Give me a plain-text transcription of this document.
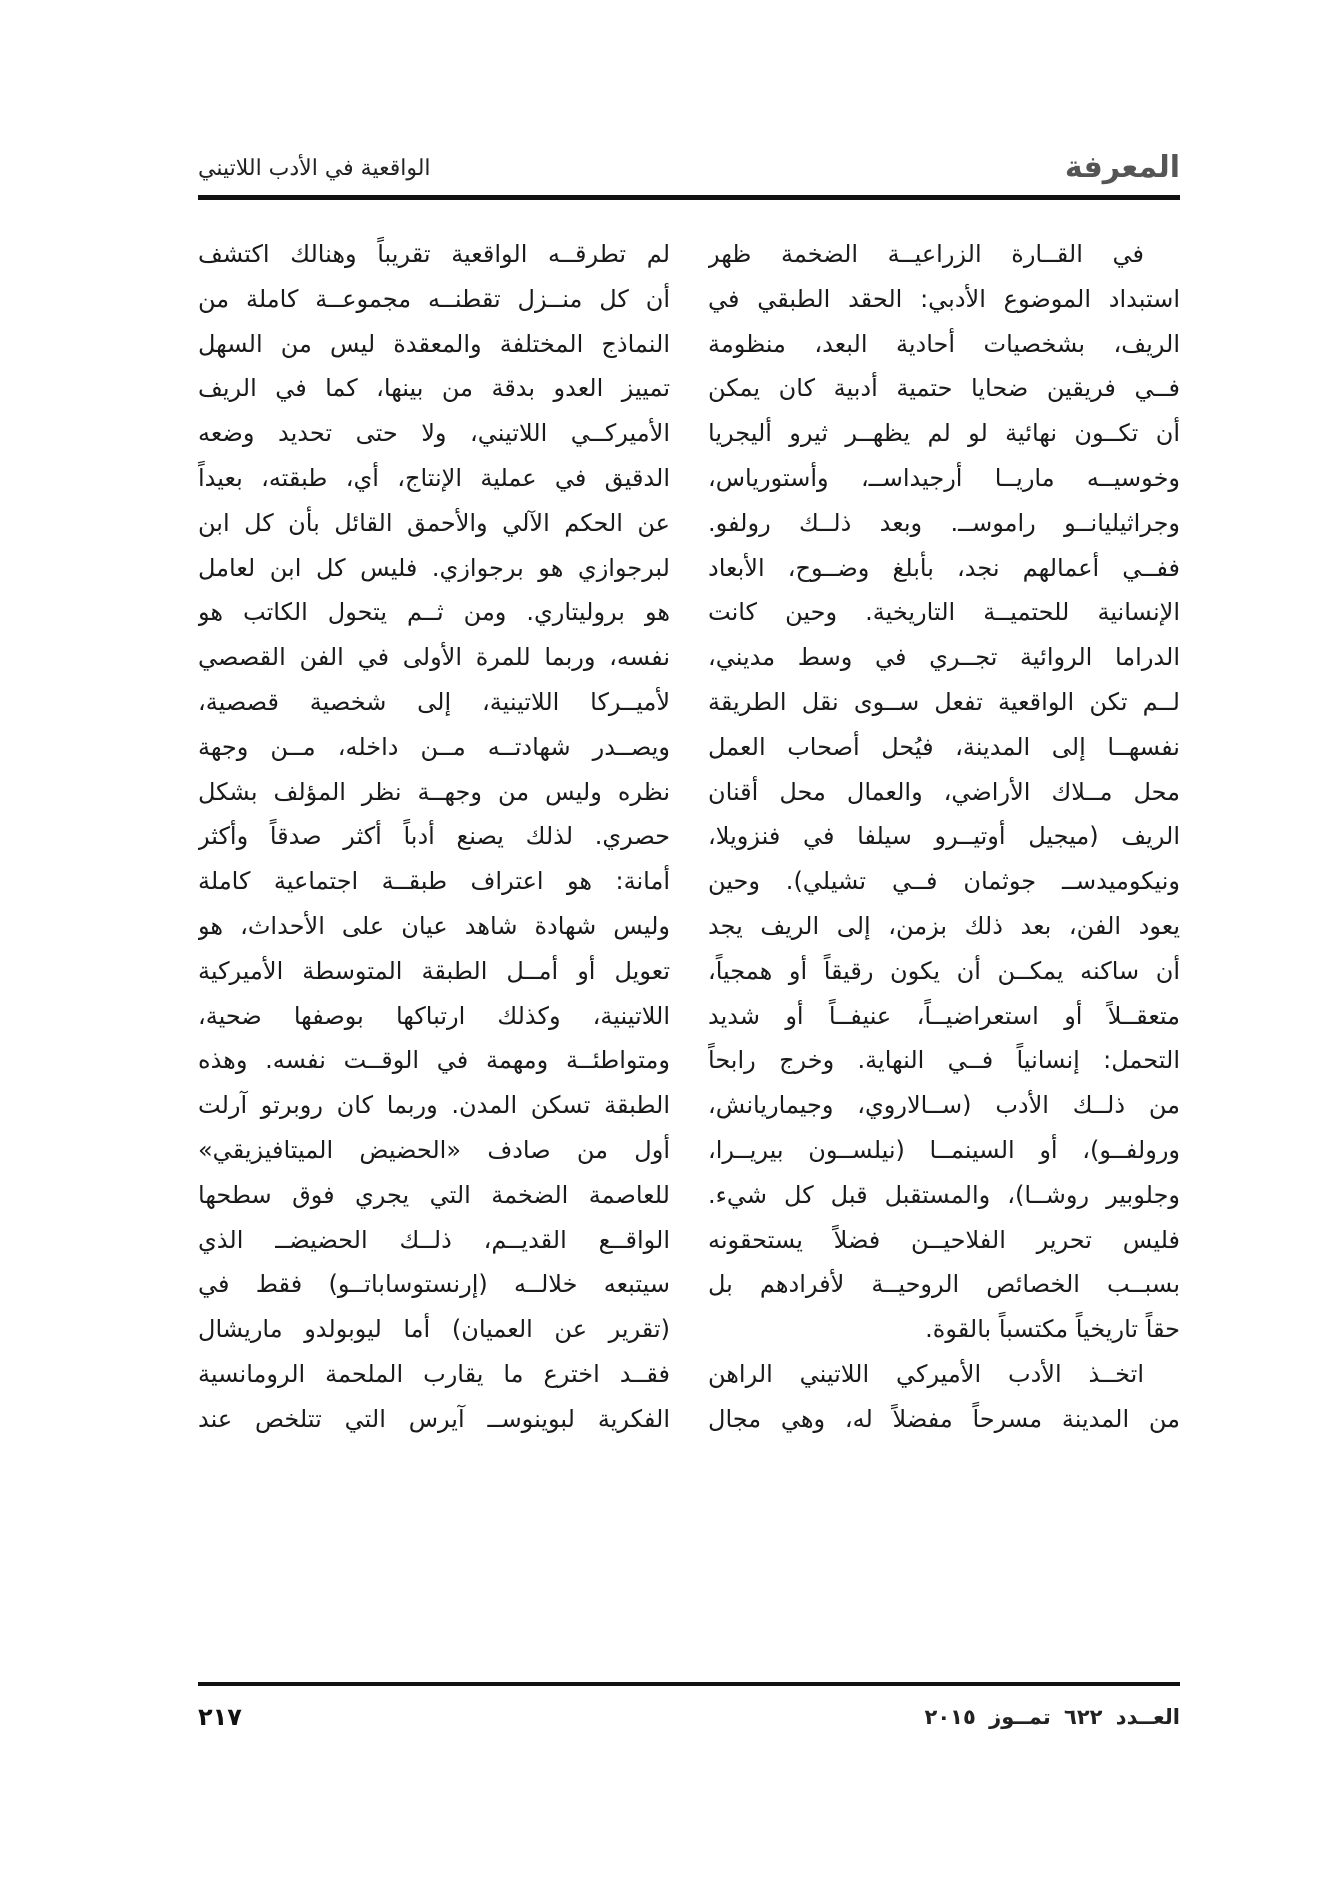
المعرفة
الواقعية في الأدب اللاتيني
في القــارة الزراعيــة الضخمة ظهر
استبداد الموضوع الأدبي: الحقد الطبقي في
الريف، بشخصيات أحادية البعد، منظومة
فــي فريقين ضحايا حتمية أدبية كان يمكن
أن تكــون نهائية لو لم يظهــر ثيرو أليجريا
وخوسيــه ماريــا أرجيداســ، وأستورياس،
وجراثيليانــو راموســ. وبعد ذلــك رولفو.
ففــي أعمالهم نجد، بأبلغ وضــوح، الأبعاد
الإنسانية للحتميــة التاريخية. وحين كانت
الدراما الروائية تجــري في وسط مديني،
لــم تكن الواقعية تفعل ســوى نقل الطريقة
نفسهــا إلى المدينة، فيُحل أصحاب العمل
محل مــلاك الأراضي، والعمال محل أقنان
الريف (ميجيل أوتيــرو سيلفا في فنزويلا،
ونيكوميدســ جوثمان فــي تشيلي). وحين
يعود الفن، بعد ذلك بزمن، إلى الريف يجد
أن ساكنه يمكــن أن يكون رقيقاً أو همجياً،
متعقــلاً أو استعراضيــاً، عنيفــاً أو شديد
التحمل: إنسانياً فــي النهاية. وخرج رابحاً
من ذلــك الأدب (ســالاروي، وجيماريانش،
ورولفــو)، أو السينمــا (نيلســون بيريــرا،
وجلوبير روشــا)، والمستقبل قبل كل شيء.
فليس تحرير الفلاحيــن فضلاً يستحقونه
بسبــب الخصائص الروحيــة لأفرادهم بل
حقاً تاريخياً مكتسباً بالقوة.
اتخــذ الأدب الأميركي اللاتيني الراهن
من المدينة مسرحاً مفضلاً له، وهي مجال
لم تطرقــه الواقعية تقريباً وهنالك اكتشف
أن كل منــزل تقطنــه مجموعــة كاملة من
النماذج المختلفة والمعقدة ليس من السهل
تمييز العدو بدقة من بينها، كما في الريف
الأميركــي اللاتيني، ولا حتى تحديد وضعه
الدقيق في عملية الإنتاج، أي، طبقته، بعيداً
عن الحكم الآلي والأحمق القائل بأن كل ابن
لبرجوازي هو برجوازي. فليس كل ابن لعامل
هو بروليتاري. ومن ثــم يتحول الكاتب هو
نفسه، وربما للمرة الأولى في الفن القصصي
لأميــركا اللاتينية، إلى شخصية قصصية،
ويصــدر شهادتــه مــن داخله، مــن وجهة
نظره وليس من وجهــة نظر المؤلف بشكل
حصري. لذلك يصنع أدباً أكثر صدقاً وأكثر
أمانة: هو اعتراف طبقــة اجتماعية كاملة
وليس شهادة شاهد عيان على الأحداث، هو
تعويل أو أمــل الطبقة المتوسطة الأميركية
اللاتينية، وكذلك ارتباكها بوصفها ضحية،
ومتواطئــة ومهمة في الوقــت نفسه. وهذه
الطبقة تسكن المدن. وربما كان روبرتو آرلت
أول من صادف «الحضيض الميتافيزيقي»
للعاصمة الضخمة التي يجري فوق سطحها
الواقــع القديــم، ذلــك الحضيضــ الذي
سيتبعه خلالــه (إرنستوساباتــو) فقط في
(تقرير عن العميان) أما ليوبولدو ماريشال
فقــد اخترع ما يقارب الملحمة الرومانسية
الفكرية لبوينوســ آيرس التي تتلخص عند
العــدد ٦٢٢ تمــوز ٢٠١٥
٢١٧
